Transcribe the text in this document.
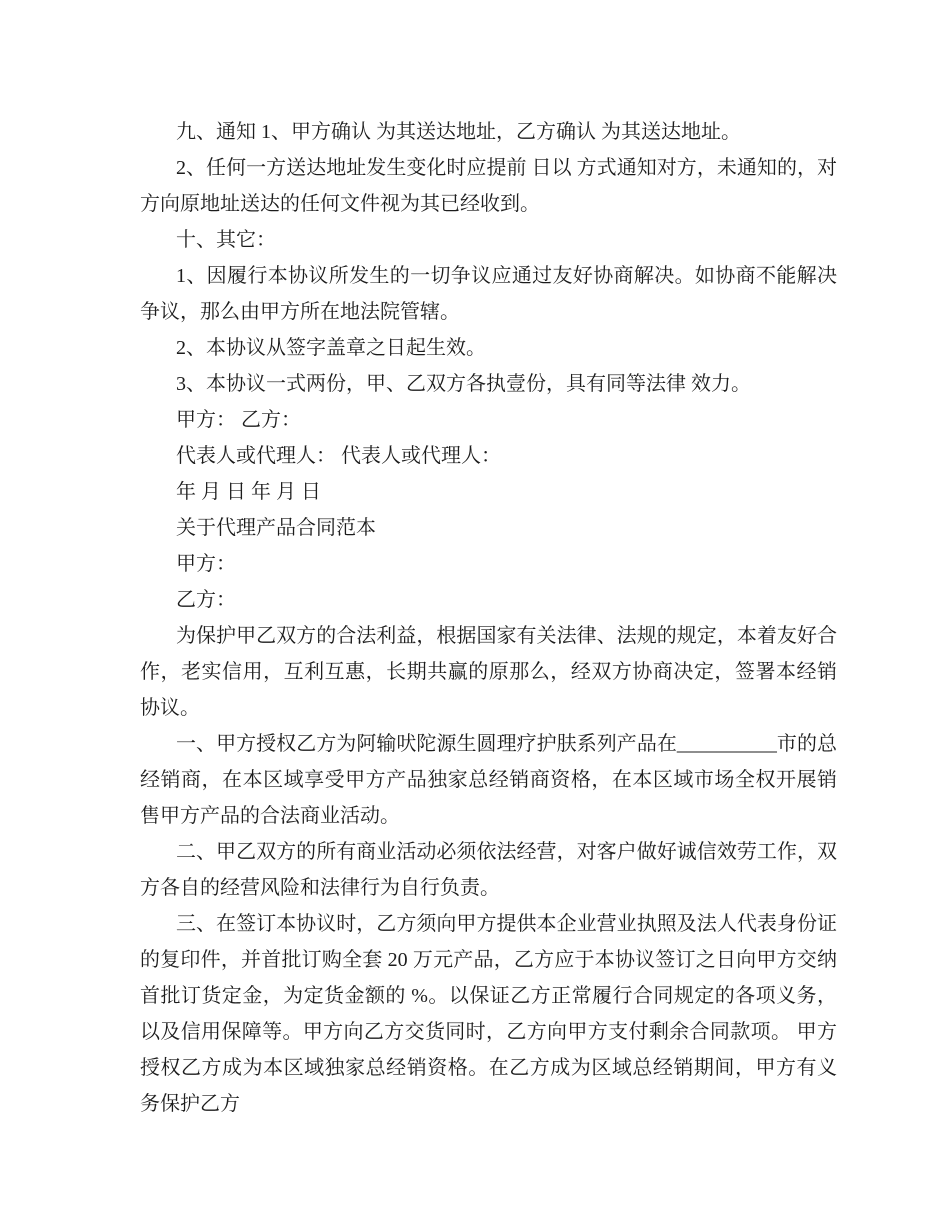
九、通知 1、甲方确认 为其送达地址，乙方确认 为其送达地址。

2、任何一方送达地址发生变化时应提前 日以 方式通知对方，未通知的，对方向原地址送达的任何文件视为其已经收到。

十、其它：

1、因履行本协议所发生的一切争议应通过友好协商解决。如协商不能解决争议，那么由甲方所在地法院管辖。

2、本协议从签字盖章之日起生效。

3、本协议一式两份，甲、乙双方各执壹份，具有同等法律 效力。

甲方： 乙方：

代表人或代理人： 代表人或代理人：

年 月 日 年 月 日

关于代理产品合同范本

甲方：

乙方：

为保护甲乙双方的合法利益，根据国家有关法律、法规的规定，本着友好合作，老实信用，互利互惠，长期共赢的原那么，经双方协商决定，签署本经销协议。

一、甲方授权乙方为阿输吠陀源生圆理疗护肤系列产品在__________市的总经销商，在本区域享受甲方产品独家总经销商资格，在本区域市场全权开展销售甲方产品的合法商业活动。

二、甲乙双方的所有商业活动必须依法经营，对客户做好诚信效劳工作，双方各自的经营风险和法律行为自行负责。

三、在签订本协议时，乙方须向甲方提供本企业营业执照及法人代表身份证的复印件，并首批订购全套 20 万元产品，乙方应于本协议签订之日向甲方交纳首批订货定金，为定货金额的 %。以保证乙方正常履行合同规定的各项义务，以及信用保障等。甲方向乙方交货同时，乙方向甲方支付剩余合同款项。 甲方授权乙方成为本区域独家总经销资格。在乙方成为区域总经销期间，甲方有义务保护乙方
